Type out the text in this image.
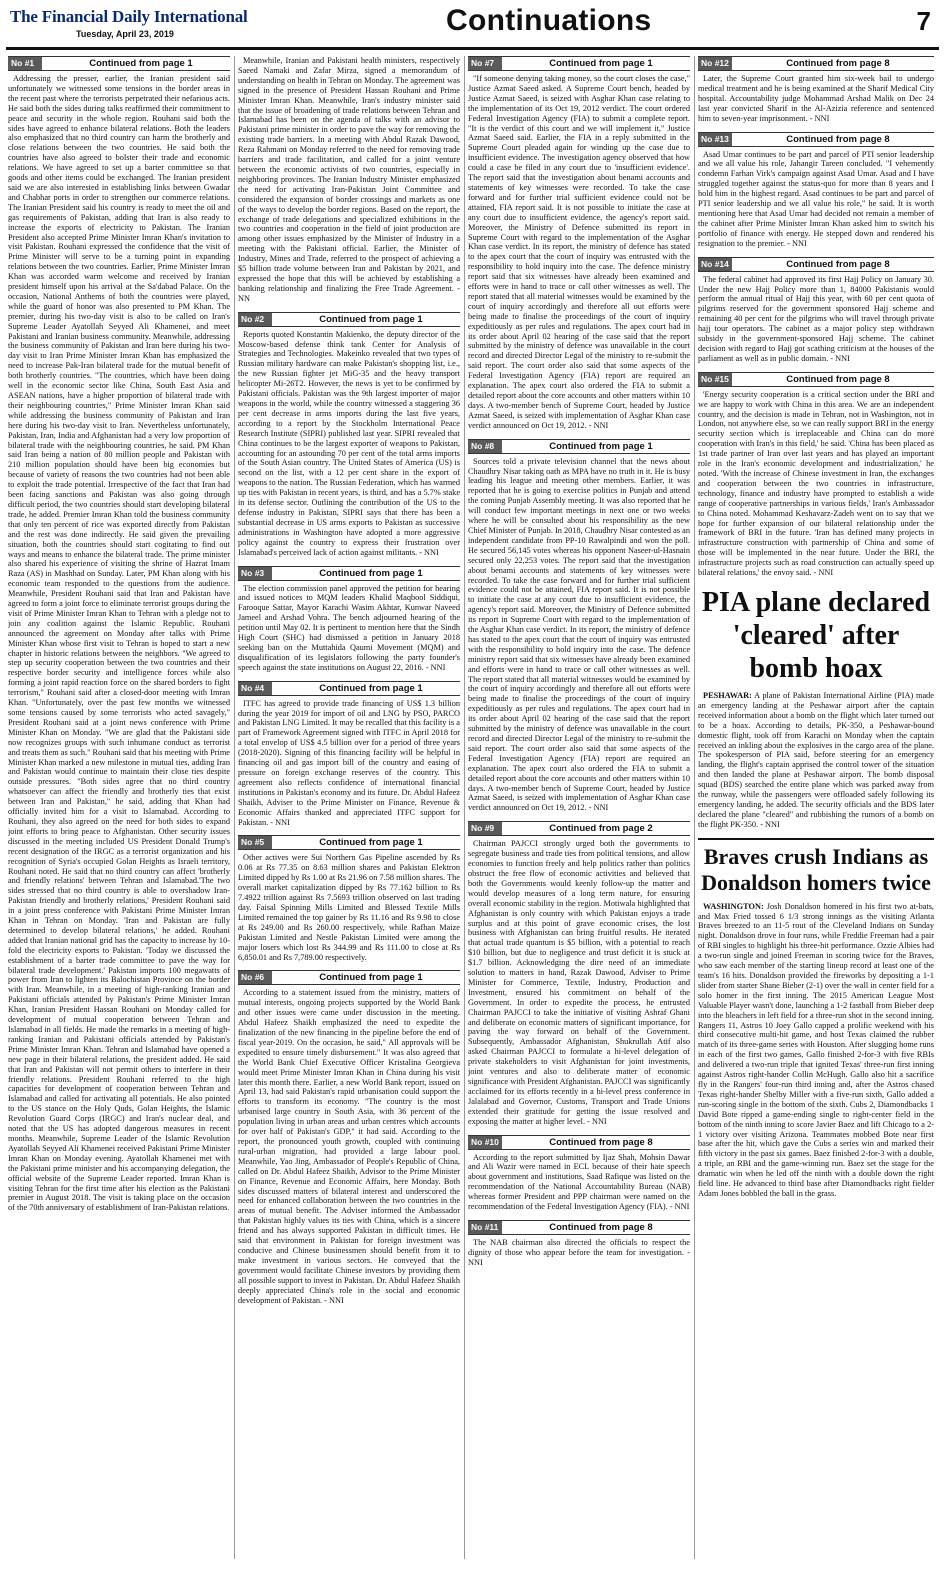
The Financial Daily International
Tuesday, April 23, 2019	Continuations	7
No #1	Continued from page 1

Addressing the presser, earlier, the Iranian president said unfortunately we witnessed some tensions in the border areas in the recent past where the terrorists perpetrated their nefarious acts. He said both the sides during talks reaffirmed their commitment to peace and security in the whole region. Rouhani said both the sides have agreed to enhance bilateral relations. Both the leaders also emphasized that no third country can harm the brotherly and close relations between the two countries. He said both the countries have also agreed to bolster their trade and economic relations. We have agreed to set up a barter committee so that goods and other items could be exchanged. The Iranian president said we are also interested in establishing links between Gwadar and Chabhar ports in order to strengthen our commerce relations. The Iranian President said his country is ready to meet the oil and gas requirements of Pakistan, adding that Iran is also ready to increase the exports of electricity to Pakistan. The Iranian President also accepted Prime Minister Imran Khan's invitation to visit Pakistan. Rouhani expressed the confidence that the visit of Prime Minister will serve to be a turning point in expanding relations between the two countries. Earlier, Prime Minister Imran Khan was accorded warm welcome and received by Iranian president himself upon his arrival at the Sa'dabad Palace. On the occasion, National Anthems of both the countries were played, while the guard of honor was also presented to PM Khan. The premier, during his two-day visit is also to be called on Iran's Supreme Leader Ayatollah Seyyed Ali Khamenei, and meet Pakistani and Iranian business community. Meanwhile, addressing the business community of Pakistan and Iran here during his two-day visit to Iran Prime Minister Imran Khan has emphasized the need to increase Pak-Iran bilateral trade for the mutual benefit of both brotherly countries. "The countries, which have been doing well in the economic sector like China, South East Asia and ASEAN nations, have a higher proportion of bilateral trade with their neighbouring countries," Prime Minister Imran Khan said while addressing the business community of Pakistan and Iran here during his two-day visit to Iran. Nevertheless unfortunately, Pakistan, Iran, India and Afghanistan had a very low proportion of bilateral trade with the neighbouring countries, he said. PM Khan said Iran being a nation of 80 million people and Pakistan with 210 million population should have been big economies but because of variety of reasons the two countries had not been able to exploit the trade potential. Irrespective of the fact that Iran had been facing sanctions and Pakistan was also going through difficult period, the two countries should start developing bilateral trade, he added. Premier Imran Khan told the business community that only ten percent of rice was exported directly from Pakistan and the rest was done indirectly. He said given the prevailing situation, both the countries should start cogitating to find out ways and means to enhance the bilateral trade. The prime minister also shared his experience of visiting the shrine of Hazrat Imam Raza (AS) in Mashhad on Sunday. Later, PM Khan along with his economic team responded to the questions from the audience. Meanwhile, President Rouhani said that Iran and Pakistan have agreed to form a joint force to eliminate terrorist groups during the visit of Prime Minister Imran Khan to Tehran with a pledge not to join any coalition against the Islamic Republic. Rouhani announced the agreement on Monday after talks with Prime Minister Khan whose first visit to Tehran is hoped to start a new chapter in historic relations between the neighbors. "We agreed to step up security cooperation between the two countries and their respective border security and intelligence forces while also forming a joint rapid reaction force on the shared borders to fight terrorism," Rouhani said after a closed-door meeting with Imran Khan. "Unfortunately, over the past few months we witnessed some tensions caused by some terrorists who acted savagely," President Rouhani said at a joint news conference with Prime Minister Khan on Monday. "We are glad that the Pakistani side now recognizes groups with such inhumane conduct as terrorist and treats them as such." Rouhani said that his meeting with Prime Minister Khan marked a new milestone in mutual ties, adding Iran and Pakistan would continue to maintain their close ties despite outside pressures. "Both sides agree that no third country whatsoever can affect the friendly and brotherly ties that exist between Iran and Pakistan," he said, adding that Khan had officially invited him for a visit to Islamabad. According to Rouhani, they also agreed on the need for both sides to expand joint efforts to bring peace to Afghanistan. Other security issues discussed in the meeting included US President Donald Trump's recent designation of the IRGC as a terrorist organization and his recognition of Syria's occupied Golan Heights as Israeli territory, Rouhani noted. He said that no third country can affect 'brotherly and friendly relations' between Tehran and Islamabad.'The two sides stressed that no third country is able to overshadow Iran-Pakistan friendly and brotherly relations,' President Rouhani said in a joint press conference with Pakistani Prime Minister Imran Khan in Tehran on Monday. 'Iran and Pakistan are fully determined to develop bilateral relations,' he added. Rouhani added that Iranian national grid has the capacity to increase by 10-fold the electricity exports to Pakistan. 'Today we discussed the establishment of a barter trade committee to pave the way for bilateral trade development.' Pakistan imports 100 megawatts of power from Iran to lighten its Balochistan Province on the border with Iran. Meanwhile, in a meeting of high-ranking Iranian and Pakistani officials attended by Pakistan's Prime Minister Imran Khan, Iranian President Hassan Rouhani on Monday called for development of mutual cooperation between Tehran and Islamabad in all fields. He made the remarks in a meeting of high-ranking Iranian and Pakistani officials attended by Pakistan's Prime Minister Imran Khan. Tehran and Islamabad have opened a new page in their bilateral relations, the president added. He said that Iran and Pakistan will not permit others to interfere in their friendly relations. President Rouhani referred to the high capacities for development of cooperation between Tehran and Islamabad and called for activating all potentials. He also pointed to the US stance on the Holy Quds, Golan Heights, the Islamic Revolution Guard Corps (IRGC) and Iran's nuclear deal, and noted that the US has adopted dangerous measures in recent months. Meanwhile, Supreme Leader of the Islamic Revolution Ayatollah Seyyed Ali Khamenei received Pakistani Prime Minister Imran Khan on Monday evening. Ayatollah Khamenei met with the Pakistani prime minister and his accompanying delegation, the official website of the Supreme Leader reported. Imran Khan is visiting Tehran for the first time after his election as the Pakistani premier in August 2018. The visit is taking place on the occasion of the 70th anniversary of establishment of Iran-Pakistan relations.

Meanwhile, Iranian and Pakistani health ministers, respectively Saeed Namaki and Zafar Mirza, signed a memorandum of understanding on health in Tehran on Monday. The agreement was signed in the presence of President Hassan Rouhani and Prime Minister Imran Khan. Meanwhile, Iran's industry minister said that the issue of broadening of trade relations between Tehran and Islamabad has been on the agenda of talks with an advisor to Pakistani prime minister in order to pave the way for removing the existing trade barriers. In a meeting with Abdul Razak Dawood, Reza Rahmani on Monday referred to the need for removing trade barriers and trade facilitation, and called for a joint venture between the economic activists of two countries, especially in neighboring provinces. The Iranian Industry Minister emphasized the need for activating Iran-Pakistan Joint Committee and considered the expansion of border crossings and markets as one of the ways to develop the border regions. Based on the report, the exchange of trade delegations and specialized exhibitions in the two countries and cooperation in the field of joint production are among other issues emphasized by the Minister of Industry in a meeting with the Pakistani official. Earlier, the Minister of Industry, Mines and Trade, referred to the prospect of achieving a $5 billion trade volume between Iran and Pakistan by 2021, and expressed the hope that this will be achieved by establishing a banking relationship and finalizing the Free Trade Agreement. - NN

No #2	Continued from page 1

Reports quoted Konstantin Makienko, the deputy director of the Moscow-based defense think tank Center for Analysis of Strategies and Technologies. Makeinko revealed that two types of Russian military hardware can make Pakistan's shopping list, i.e., the new Russian fighter jet MiG-35 and the heavy transport helicopter Mi-26T2. However, the news is yet to be confirmed by Pakistani officials. Pakistan was the 9th largest importer of major weapons in the world, while the country witnessed a staggering 36 per cent decrease in arms imports during the last five years, according to a report by the Stockholm International Peace Research Institute (SIPRI) published last year. SIPRI revealed that China continues to be the largest exporter of weapons to Pakistan, accounting for an astounding 70 per cent of the total arms imports of the South Asian country. The United States of America (US) is second on the list, with a 12 per cent share in the export of weapons to the nation. The Russian Federation, which has warmed up ties with Pakistan in recent years, is third, and has a 5.7% stake in its defense sector. Outlining the contribution of the US to the defense industry in Pakistan, SIPRI says that there has been a substantial decrease in US arms exports to Pakistan as successive administrations in Washington have adopted a more aggressive policy against the country to express their frustration over Islamabad's perceived lack of action against militants. - NNI

No #3	Continued from page 1

The election commission panel approved the petition for hearing and issued notices to MQM leaders Khalid Maqbool Siddiqui, Farooque Sattar, Mayor Karachi Wasim Akhtar, Kunwar Naveed Jameel and Arshad Vohra. The bench adjourned hearing of the petition until May 02. It is pertinent to mention here that the Sindh High Court (SHC) had dismissed a petition in January 2018 seeking ban on the Muttahida Qaumi Movement (MQM) and disqualification of its legislators following the party founder's speech against the state institutions on August 22, 2016. - NNI

No #4	Continued from page 1

ITFC has agreed to provide trade financing of US$ 1.3 billion during the year 2019 for import of oil and LNG by PSO, PARCO and Pakistan LNG Limited. It may be recalled that this facility is a part of Framework Agreement signed with ITFC in April 2018 for a total envelop of US$ 4.5 billion over for a period of three years (2018-2020). Signing of this financing facility will be helpful in financing oil and gas import bill of the country and easing of pressure on foreign exchange reserves of the country. This agreement also reflects confidence of international financial institutions in Pakistan's economy and its future. Dr. Abdul Hafeez Shaikh, Adviser to the Prime Minister on Finance, Revenue & Economic Affairs thanked and appreciated ITFC support for Pakistan. - NNI

No #5	Continued from page 1

Other actives were Sui Northern Gas Pipeline ascended by Rs 0.06 at Rs 77.35 on 8.63 million shares and Pakistan Elektron Limited dipped by Rs 1.00 at Rs 21.96 on 7.58 million shares. The overall market capitalization dipped by Rs 77.162 billion to Rs 7.4922 trillion against Rs 7.5693 trillion observed on last trading day. Faisal Spinning Mills Limited and Blessed Textile Mills Limited remained the top gainer by Rs 11.16 and Rs 9.98 to close at Rs 249.00 and Rs 260.00 respectively, while Rafhan Maize Pakistan Limited and Nestle Pakistan Limited were among the major losers which lost Rs 344.99 and Rs 111.00 to close at Rs 6,850.01 and Rs 7,789.00 respectively.

No #6	Continued from page 1

According to a statement issued from the ministry, matters of mutual interests, ongoing projects supported by the World Bank and other issues were came under discussion in the meeting. Abdul Hafeez Shaikh emphasized the need to expedite the finalization of the new financing in the pipeline before the end of fiscal year-2019. On the occasion, he said," All approvals will be expedited to ensure timely disbursement." It was also agreed that the World Bank Chief Executive Officer Kristalina Georgieva would meet Prime Minister Imran Khan in China during his visit later this month there. Earlier, a new World Bank report, issued on April 13, had said Pakistan's rapid urbanisation could support the efforts to transform its economy. "The country is the most urbanised large country in South Asia, with 36 percent of the population living in urban areas and urban centres which accounts for over half of Pakistan's GDP," it had said. According to the report, the pronounced youth growth, coupled with continuing rural-urban migration, had provided a large labour pool. Meanwhile, Yao Jing, Ambassador of People's Republic of China, called on Dr. Abdul Hafeez Shaikh, Advisor to the Prime Minister on Finance, Revenue and Economic Affairs, here Monday. Both sides discussed matters of bilateral interest and underscored the need for enhanced collaboration between the two countries in the areas of mutual benefit. The Adviser informed the Ambassador that Pakistan highly values its ties with China, which is a sincere friend and has always supported Pakistan in difficult times. He said that environment in Pakistan for foreign investment was conducive and Chinese businessmen should benefit from it to make investment in various sectors. He conveyed that the government would facilitate Chinese investors by providing them all possible support to invest in Pakistan. Dr. Abdul Hafeez Shaikh deeply appreciated China's role in the social and economic development of Pakistan. - NNI

No #7	Continued from page 1

"If someone denying taking money, so the court closes the case," Justice Azmat Saeed asked. A Supreme Court bench, headed by Justice Azmat Saeed, is seized with Asghar Khan case relating to the implementation of its Oct 19, 2012 verdict. The court ordered Federal Investigation Agency (FIA) to submit a complete report. "It is the verdict of this court and we will implement it," Justice Azmat Saeed said. Earlier, the FIA in a reply submitted in the Supreme Court pleaded again for winding up the case due to insufficient evidence. The investigation agency observed that how could a case be filed in any court due to 'insufficient evidence'. The report said that the investigation about benami accounts and statements of key witnesses were recorded. To take the case forward and for further trial sufficient evidence could not be attained, FIA report said. It is not possible to initiate the case at any court due to insufficient evidence, the agency's report said. Moreover, the Ministry of Defence submitted its report in Supreme Court with regard to the implementation of the Asghar Khan case verdict. In its report, the ministry of defence has stated to the apex court that the court of inquiry was entrusted with the responsibility to hold inquiry into the case. The defence ministry report said that six witnesses have already been examined and efforts were in hand to trace or call other witnesses as well. The report stated that all material witnesses would be examined by the court of inquiry accordingly and therefore all out efforts were being made to finalise the proceedings of the court of inquiry expeditiously as per rules and regulations. The apex court had in its order about April 02 hearing of the case said that the report submitted by the ministry of defence was unavailable in the court record and directed Director Legal of the ministry to re-submit the said report. The court order also said that some aspects of the Federal Investigation Agency (FIA) report are required an explanation. The apex court also ordered the FIA to submit a detailed report about the core accounts and other matters within 10 days. A two-member bench of Supreme Court, headed by Justice Azmat Saeed, is seized with implementation of Asghar Khan case verdict announced on Oct 19, 2012. - NNI

No #8	Continued from page 1

Sources told a private television channel that the news about Chaudhry Nisar taking oath as MPA have no truth in it. He is busy leading his league and meeting other members. Earlier, it was reported that he is going to exercise politics in Punjab and attend the coming Punjab Assembly meeting. It was also reported that he will conduct few important meetings in next one or two weeks where he will be consulted about his responsibility as the new Chief Minister of Punjab. In 2018, Chaudhry Nisar contested as an independent candidate from PP-10 Rawalpindi and won the poll. He secured 56,145 votes whereas his opponent Naseer-ul-Hasnain secured only 22,253 votes. The report said that the investigation about benami accounts and statements of key witnesses were recorded. To take the case forward and for further trial sufficient evidence could not be attained, FIA report said. It is not possible to initiate the case at any court due to insufficient evidence, the agency's report said. Moreover, the Ministry of Defence submitted its report in Supreme Court with regard to the implementation of the Asghar Khan case verdict. In its report, the ministry of defence has stated to the apex court that the court of inquiry was entrusted with the responsibility to hold inquiry into the case. The defence ministry report said that six witnesses have already been examined and efforts were in hand to trace or call other witnesses as well. The report stated that all material witnesses would be examined by the court of inquiry accordingly and therefore all out efforts were being made to finalise the proceedings of the court of inquiry expeditiously as per rules and regulations. The apex court had in its order about April 02 hearing of the case said that the report submitted by the ministry of defence was unavailable in the court record and directed Director Legal of the ministry to re-submit the said report. The court order also said that some aspects of the Federal Investigation Agency (FIA) report are required an explanation. The apex court also ordered the FIA to submit a detailed report about the core accounts and other matters within 10 days. A two-member bench of Supreme Court, headed by Justice Azmat Saeed, is seized with implementation of Asghar Khan case verdict announced on Oct 19, 2012. - NNI

No #9	Continued from page 2

Chairman PAJCCI strongly urged both the governments to segregate business and trade ties from political tensions, and allow economies to function freely and help politics rather than politics obstruct the free flow of economic activities and believed that both the Governments would keenly follow-up the matter and would develop measures of a long term nature, for ensuring overall economic stability in the region. Motiwala highlighted that Afghanistan is only country with which Pakistan enjoys a trade surplus and at this point of grave economic crises, the lost business with Afghanistan can bring fruitful results. He iterated that actual trade quantum is $5 billion, with a potential to reach $10 billion, but due to negligence and trust deficit it is stuck at $1.7 billion. Acknowledging the dire need of an immediate solution to matters in hand, Razak Dawood, Adviser to Prime Minister for Commerce, Textile, Industry, Production and Investment, ensured his commitment on behalf of the Government. In order to expedite the process, he entrusted Chairman PAJCCI to take the initiative of visiting Ashraf Ghani and deliberate on economic matters of significant importance, for paving the way forward on behalf of the Government. Subsequently, Ambassador Afghanistan, Shukrullah Atif also asked Chairman PAJCCI to formulate a hi-level delegation of private stakeholders to visit Afghanistan for joint investments, joint ventures and also to deliberate matter of economic significance with President Afghanistan. PAJCCI was significantly acclaimed for its efforts recently in a hi-level press conference in Jalalabad and Governor, Customs, Transport and Trade Unions extended their gratitude for getting the issue resolved and exposing the matter at higher level. - NNI

No #10	Continued from page 8

According to the report submitted by Ijaz Shah, Mohsin Dawar and Ali Wazir were named in ECL because of their hate speech about government and institutions, Saad Rafique was listed on the recommendation of the National Accountability Bureau (NAB) whereas former President and PPP chairman were named on the recommendation of the Federal Investigation Agency (FIA). - NNI

No #11	Continued from page 8

The NAB chairman also directed the officials to respect the dignity of those who appear before the team for investigation. - NNI

No #12	Continued from page 8

Later, the Supreme Court granted him six-week bail to undergo medical treatment and he is being examined at the Sharif Medical City hospital. Accountability judge Mohammad Arshad Malik on Dec 24 last year convicted Sharif in the Al-Azizia reference and sentenced him to seven-year imprisonment. - NNI

No #13	Continued from page 8

Asad Umar continues to be part and parcel of PTI senior leadership and we all value his role, Jahangir Tareen concluded. "I vehemently condemn Farhan Virk's campaign against Asad Umar. Asad and I have struggled together against the status-quo for more than 8 years and I hold him in the highest regard. Asad continues to be part and parcel of PTI senior leadership and we all value his role," he said. It is worth mentioning here that Asad Umar had decided not remain a member of the cabinet after Prime Minister Imran Khan asked him to switch his portfolio of finance with energy. He stepped down and rendered his resignation to the premier. - NNI

No #14	Continued from page 8

The federal cabinet had approved its first Hajj Policy on January 30. Under the new Hajj Policy more than 1, 84000 Pakistanis would perform the annual ritual of Hajj this year, with 60 per cent quota of pilgrims reserved for the government sponsored Hajj scheme and remaining 40 per cent for the pilgrims who will travel through private hajj tour operators. The cabinet as a major policy step withdrawn subsidy in the government-sponsored Hajj scheme. The cabinet decision with regard to Hajj got scathing criticism at the houses of the parliament as well as in public domain. - NNI

No #15	Continued from page 8

'Energy security cooperation is a critical section under the BRI and we are happy to work with China in this area. We are an independent country, and the decision is made in Tehran, not in Washington, not in London, not anywhere else, so we can really support BRI in the energy security section which is irreplaceable and China can do more cooperation with Iran's in this field,' he said. 'China has been placed as 1st trade partner of Iran over last years and has played an important role in the Iran's economic development and industrialization,' he noted. 'With the increase of Chinese investment in Iran, the exchanges and cooperation between the two countries in infrastructure, technology, finance and industry have prompted to establish a wide range of cooperative partnerships in various fields,' Iran's Ambassador to China noted. Mohammad Keshavarz-Zadeh went on to say that we hope for further expansion of our bilateral relationship under the framework of BRI in the future. 'Iran has defined many projects in infrastructure construction with partnership of China and some of those will be implemented in the near future. Under the BRI, the infrastructure projects such as road construction can actually speed up bilateral relations,' the envoy said. - NNI

PIA plane declared 'cleared' after bomb hoax

PESHAWAR: A plane of Pakistan International Airline (PIA) made an emergency landing at the Peshawar airport after the captain received information about a bomb on the flight which later turned out to be a hoax. According to details, PK-350, a Peshawar-bound domestic flight, took off from Karachi on Monday when the captain received an inkling about the explosives in the cargo area of the plane. The spokesperson of PIA said, before steering for an emergency landing, the flight's captain apprised the control tower of the situation and then landed the plane at Peshawar airport. The bomb disposal squad (BDS) searched the entire plane which was parked away from the runway, while the passengers were offloaded safely following its emergency landing, he added. The security officials and the BDS later declared the plane "cleared" and rubbishing the rumors of a bomb on the flight PK-350. - NNI

Braves crush Indians as Donaldson homers twice

WASHINGTON: Josh Donaldson homered in his first two at-bats, and Max Fried tossed 6 1/3 strong innings as the visiting Atlanta Braves breezed to an 11-5 rout of the Cleveland Indians on Sunday night. Donaldson drove in four runs, while Freddie Freeman had a pair of RBI singles to highlight his three-hit performance. Ozzie Albies had a two-run single and joined Freeman in scoring twice for the Braves, who saw each member of the starting lineup record at least one of the team's 16 hits. Donaldson provided the fireworks by depositing a 1-1 slider from starter Shane Bieber (2-1) over the wall in center field for a solo homer in the first inning. The 2015 American League Most Valuable Player wasn't done, launching a 1-2 fastball from Bieber deep into the bleachers in left field for a three-run shot in the second inning. Rangers 11, Astros 10 Joey Gallo capped a prolific weekend with his third consecutive multi-hit game, and host Texas claimed the rubber match of its three-game series with Houston. After slugging home runs in each of the first two games, Gallo finished 2-for-3 with five RBIs and delivered a two-run triple that ignited Texas' three-run first inning against Astros right-hander Collin McHugh. Gallo also hit a sacrifice fly in the Rangers' four-run third inning and, after the Astros chased Texas right-hander Shelby Miller with a five-run sixth, Gallo added a run-scoring single in the bottom of the sixth. Cubs 2, Diamondbacks 1 David Bote ripped a game-ending single to right-center field in the bottom of the ninth inning to score Javier Baez and lift Chicago to a 2-1 victory over visiting Arizona. Teammates mobbed Bote near first base after the hit, which gave the Cubs a series win and marked their fifth victory in the past six games. Baez finished 2-for-3 with a double, a triple, an RBI and the game-winning run. Baez set the stage for the dramatic win when he led off the ninth with a double down the right field line. He advanced to third base after Diamondbacks right fielder Adam Jones bobbled the ball in the grass.
